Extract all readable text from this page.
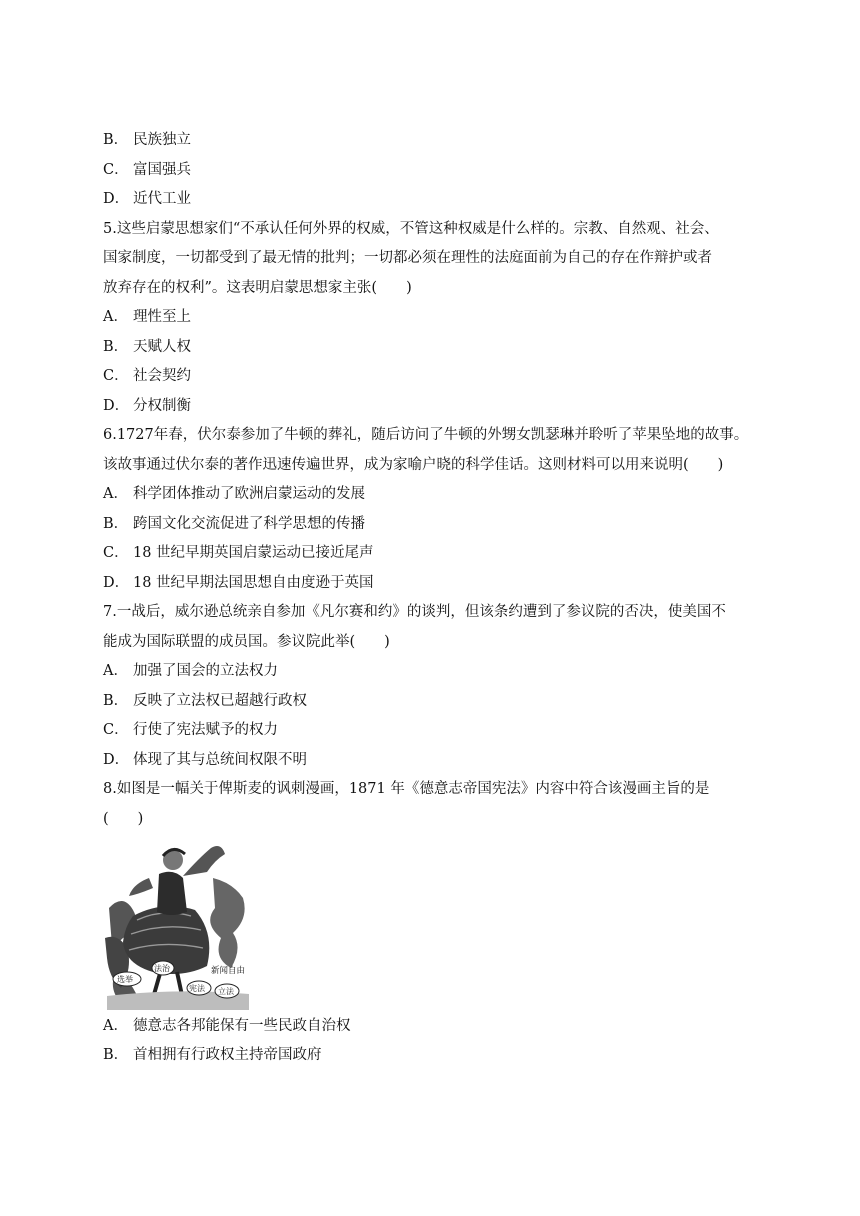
B． 民族独立
C． 富国强兵
D． 近代工业
5.这些启蒙思想家们“不承认任何外界的权威，不管这种权威是什么样的。宗教、自然观、社会、
国家制度，一切都受到了最无情的批判；一切都必须在理性的法庭面前为自己的存在作辩护或者
放弃存在的权利”。这表明启蒙思想家主张(　　)
A． 理性至上
B． 天赋人权
C． 社会契约
D． 分权制衡
6.1727年春，伏尔泰参加了牛顿的葬礼，随后访问了牛顿的外甥女凯瑟琳并聆听了苹果坠地的故事。
该故事通过伏尔泰的著作迅速传遍世界，成为家喻户晓的科学佳话。这则材料可以用来说明(　　)
A． 科学团体推动了欧洲启蒙运动的发展
B． 跨国文化交流促进了科学思想的传播
C． 18 世纪早期英国启蒙运动已接近尾声
D． 18 世纪早期法国思想自由度逊于英国
7.一战后，威尔逊总统亲自参加《凡尔赛和约》的谈判，但该条约遭到了参议院的否决，使美国不
能成为国际联盟的成员国。参议院此举(　　)
A． 加强了国会的立法权力
B． 反映了立法权已超越行政权
C． 行使了宪法赋予的权力
D． 体现了其与总统间权限不明
8.如图是一幅关于俾斯麦的讽刺漫画，1871 年《德意志帝国宪法》内容中符合该漫画主旨的是
(　　)
新闻自由
选举
法治
宪法 立法
A． 德意志各邦能保有一些民政自治权
B． 首相拥有行政权主持帝国政府
